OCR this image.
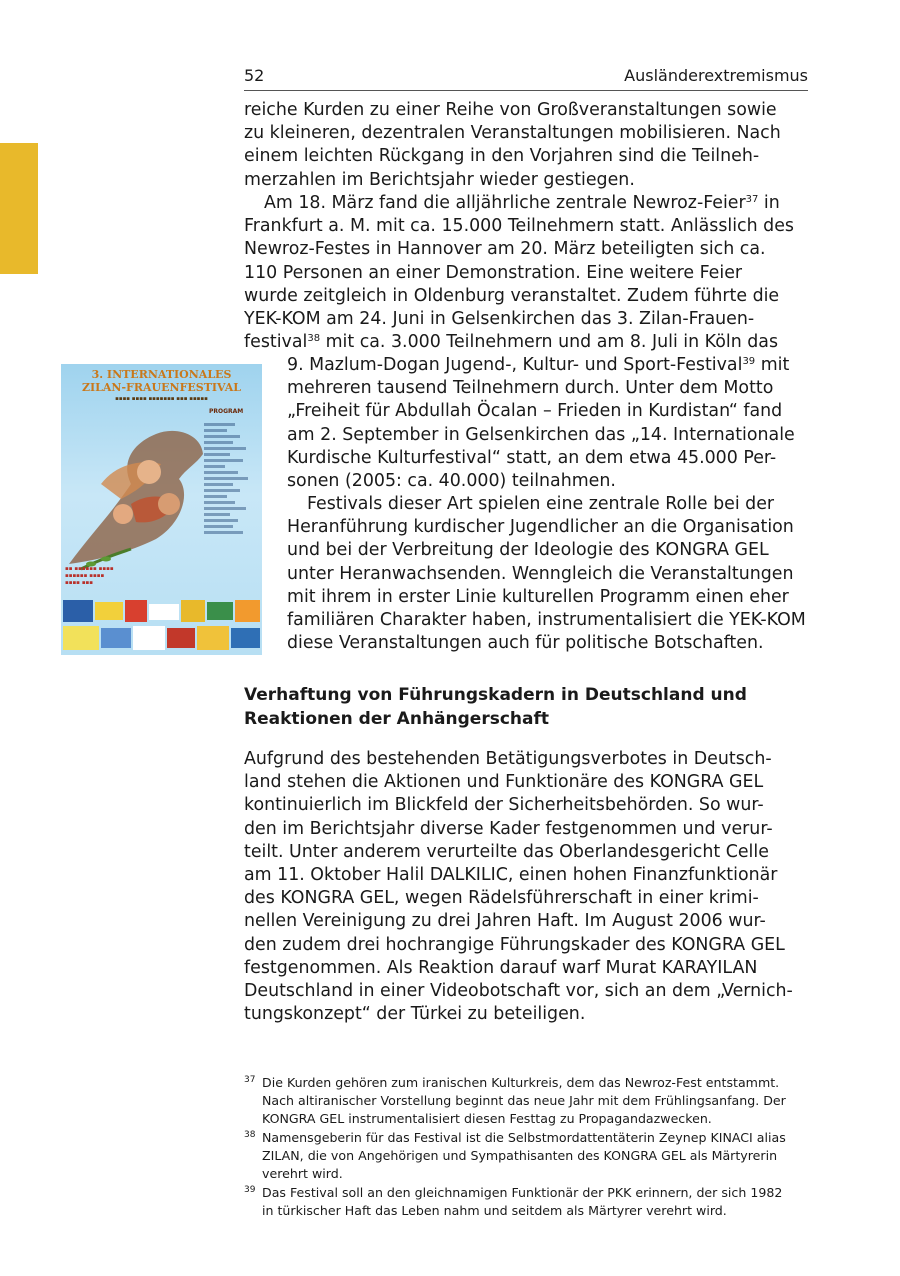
52	Ausländerextremismus

reiche Kurden zu einer Reihe von Großveranstaltungen sowie
zu kleineren, dezentralen Veranstaltungen mobilisieren. Nach
einem leichten Rückgang in den Vorjahren sind die Teilneh-
merzahlen im Berichtsjahr wieder gestiegen.

Am 18. März fand die alljährliche zentrale Newroz-Feier$^{37}$ in
Frankfurt a. M. mit ca. 15.000 Teilnehmern statt. Anlässlich des
Newroz-Festes in Hannover am 20. März beteiligten sich ca.
110 Personen an einer Demonstration. Eine weitere Feier
wurde zeitgleich in Oldenburg veranstaltet. Zudem führte die
YEK-KOM am 24. Juni in Gelsenkirchen das 3. Zilan-Frauen-
festival$^{38}$ mit ca. 3.000 Teilnehmern und am 8. Juli in Köln das

9. Mazlum-Dogan Jugend-, Kultur- und Sport-Festival$^{39}$ mit
mehreren tausend Teilnehmern durch. Unter dem Motto
„Freiheit für Abdullah Öcalan – Frieden in Kurdistan“ fand
am 2. September in Gelsenkirchen das „14. Internationale
Kurdische Kulturfestival“ statt, an dem etwa 45.000 Per-
sonen (2005: ca. 40.000) teilnahmen.

Festivals dieser Art spielen eine zentrale Rolle bei der
Heranführung kurdischer Jugendlicher an die Organisation
und bei der Verbreitung der Ideologie des KONGRA GEL
unter Heranwachsenden. Wenngleich die Veranstaltungen
mit ihrem in erster Linie kulturellen Programm einen eher
familiären Charakter haben, instrumentalisiert die YEK-KOM
diese Veranstaltungen auch für politische Botschaften.

Verhaftung von Führungskadern in Deutschland und
Reaktionen der Anhängerschaft

Aufgrund des bestehenden Betätigungsverbotes in Deutsch-
land stehen die Aktionen und Funktionäre des KONGRA GEL
kontinuierlich im Blickfeld der Sicherheitsbehörden. So wur-
den im Berichtsjahr diverse Kader festgenommen und verur-
teilt. Unter anderem verurteilte das Oberlandesgericht Celle
am 11. Oktober Halil DALKILIC, einen hohen Finanzfunktionär
des KONGRA GEL, wegen Rädelsführerschaft in einer krimi-
nellen Vereinigung zu drei Jahren Haft. Im August 2006 wur-
den zudem drei hochrangige Führungskader des KONGRA GEL
festgenommen. Als Reaktion darauf warf Murat KARAYILAN
Deutschland in einer Videobotschaft vor, sich an dem „Vernich-
tungskonzept“ der Türkei zu beteiligen.

37 Die Kurden gehören zum iranischen Kulturkreis, dem das Newroz-Fest entstammt.
Nach altiranischer Vorstellung beginnt das neue Jahr mit dem Frühlingsanfang. Der
KONGRA GEL instrumentalisiert diesen Festtag zu Propagandazwecken.
38 Namensgeberin für das Festival ist die Selbstmordattentäterin Zeynep KINACI alias
ZILAN, die von Angehörigen und Sympathisanten des KONGRA GEL als Märtyrerin
verehrt wird.
39 Das Festival soll an den gleichnamigen Funktionär der PKK erinnern, der sich 1982
in türkischer Haft das Leben nahm und seitdem als Märtyrer verehrt wird.
3. INTERNATIONALES
ZILAN-FRAUENFESTIVAL
▪▪▪▪ ▪▪▪▪ ▪▪▪▪▪▪▪ ▪▪▪ ▪▪▪▪▪
PROGRAM
▪▪ ▪▪▪▪▪▪ ▪▪▪▪
▪▪▪▪▪▪ ▪▪▪▪
▪▪▪▪ ▪▪▪
